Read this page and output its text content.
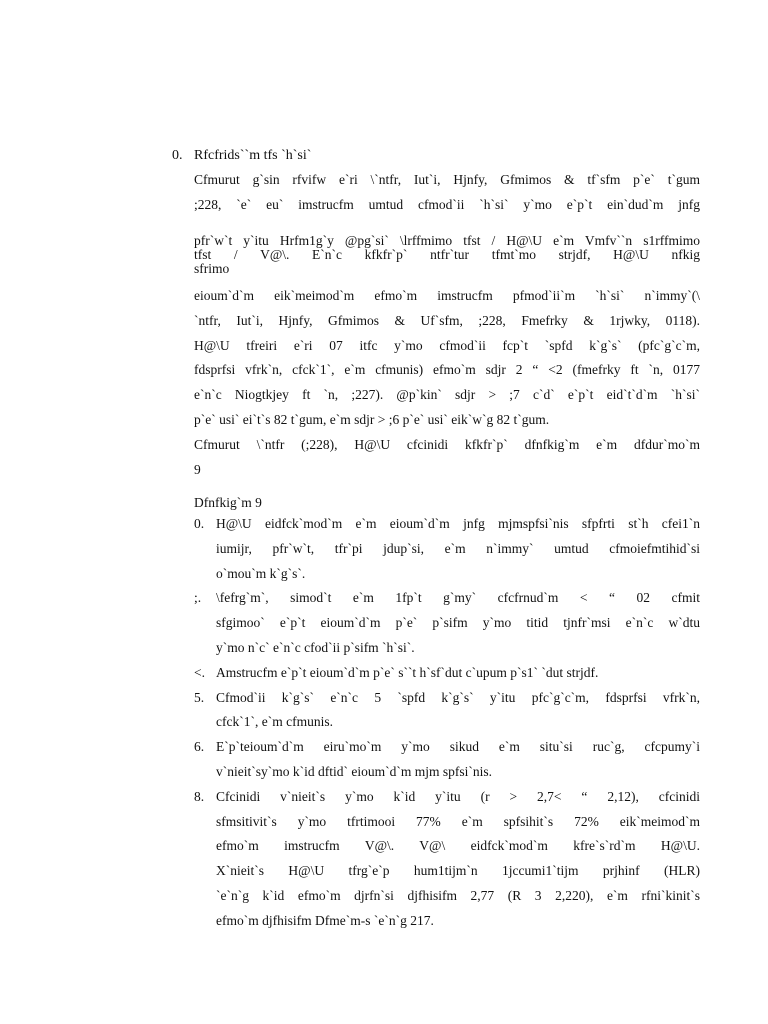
0. Rfcfrids``m tfs `h`si`
Cfmurut g`sin rfvifw e`ri \`ntfr, Iut`i, Hjnfy, Gfmimos & tf`sfm p`e` t`gum
;228, `e` eu` imstrucfm umtud cfmod`ii `h`si` y`mo e`p`t ein`dud`m jnfg
pfr`w`t y`itu Hrfm1g`y @pg`si` \lrffmimo tfst / H@\U e`m Vmfv``n s1rffmimo
tfst / V@\. E`n`c kfkfr`p` ntfr`tur tfmt`mo strjdf, H@\U nfkig
sfrimo
eioum`d`m eik`meimod`m efmo`m imstrucfm pfmod`ii`m `h`si` n`immy`(\
`ntfr, Iut`i, Hjnfy, Gfmimos & Uf`sfm, ;228, Fmefrky & 1rjwky, 0118).
H@\U tfreiri e`ri 07 itfc y`mo cfmod`ii fcp`t `spfd k`g`s` (pfc`g`c`m,
fdsprfsi vfrk`n, cfck`1`, e`m cfmunis) efmo`m sdjr 2 “ <2 (fmefrky ft `n, 0177
e`n`c Niogtkjey ft `n, ;227). @p`kin` sdjr > ;7 c`d` e`p`t eid`t`d`m `h`si`
p`e` usi` ei`t`s 82 t`gum, e`m sdjr > ;6 p`e` usi` eik`w`g 82 t`gum.
Cfmurut \`ntfr (;228), H@\U cfcinidi kfkfr`p` dfnfkig`m e`m dfdur`mo`m
9
Dfnfkig`m 9
0. H@\U eidfck`mod`m e`m eioum`d`m jnfg mjmspfsi`nis sfpfrti st`h cfei1`n
iumijr, pfr`w`t, tfr`pi jdup`si, e`m n`immy` umtud cfmoiefmtihid`si
o`mou`m k`g`s`.
;. \fefrg`m`, simod`t e`m 1fp`t g`my` cfcfrnud`m < “ 02 cfmit
sfgimoo` e`p`t eioum`d`m p`e` p`sifm y`mo titid tjnfr`msi e`n`c w`dtu
y`mo n`c` e`n`c cfod`ii p`sifm `h`si`.
<. Amstrucfm e`p`t eioum`d`m p`e` s``t h`sf`dut c`upum p`s1` `dut strjdf.
5. Cfmod`ii k`g`s` e`n`c 5 `spfd k`g`s` y`itu pfc`g`c`m, fdsprfsi vfrk`n,
cfck`1`, e`m cfmunis.
6. E`p`teioum`d`m eiru`mo`m y`mo sikud e`m situ`si ruc`g, cfcpumy`i
v`nieit`sy`mo k`id dftid` eioum`d`m mjm spfsi`nis.
8. Cfcinidi v`nieit`s y`mo k`id y`itu (r > 2,7< “ 2,12), cfcinidi
sfmsitivit`s y`mo tfrtimooi 77% e`m spfsihit`s 72% eik`meimod`m
efmo`m imstrucfm V@\. V@\ eidfck`mod`m kfre`s`rd`m H@\U.
X`nieit`s H@\U tfrg`e`p hum1tijm`n 1jccumi1`tijm prjhinf (HLR)
`e`n`g k`id efmo`m djrfn`si djfhisifm 2,77 (R 3 2,220), e`m rfni`kinit`s
efmo`m djfhisifm Dfme`m-s `e`n`g 217.
